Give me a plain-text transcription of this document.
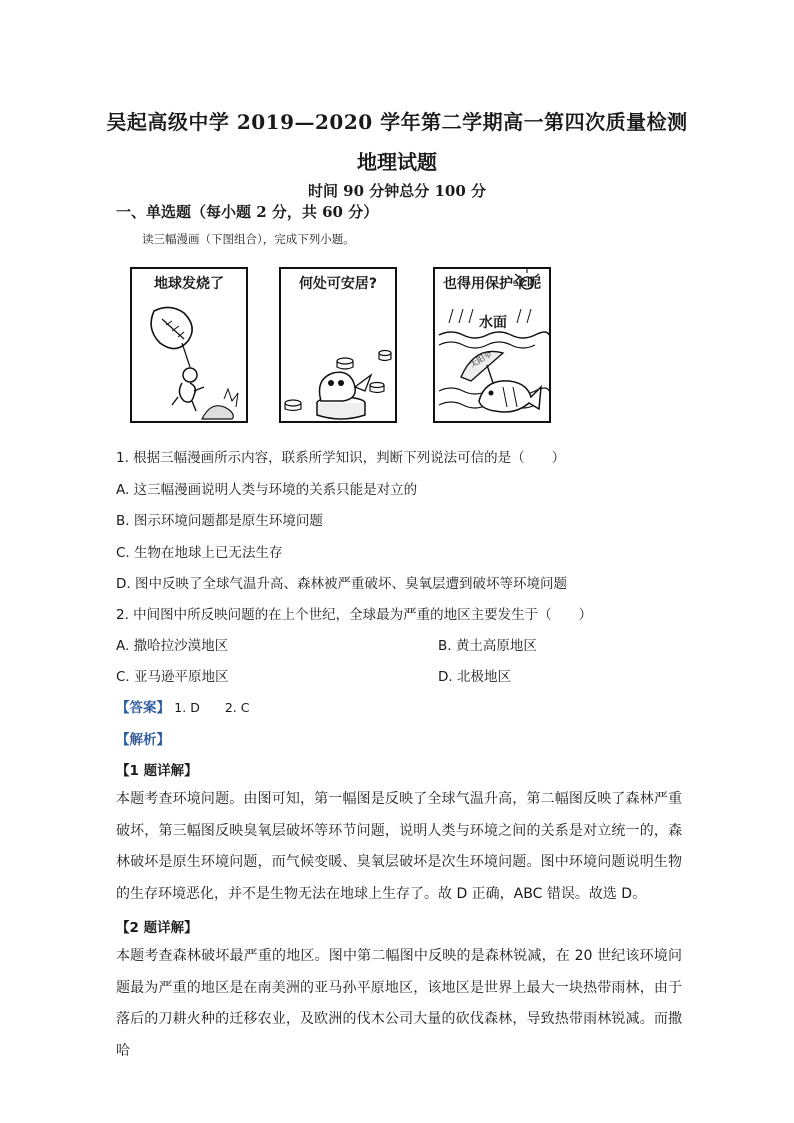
吴起高级中学 2019—2020 学年第二学期高一第四次质量检测
地理试题
时间 90 分钟总分 100 分
一、单选题（每小题 2 分，共 60 分）
读三幅漫画（下图组合），完成下列小题。
地球发烧了	何处可安居?	也得用保护伞呢
水面
太阳伞
1. 根据三幅漫画所示内容，联系所学知识，判断下列说法可信的是（　　）
A. 这三幅漫画说明人类与环境的关系只能是对立的
B. 图示环境问题都是原生环境问题
C. 生物在地球上已无法生存
D. 图中反映了全球气温升高、森林被严重破坏、臭氧层遭到破坏等环境问题
2. 中间图中所反映问题的在上个世纪，全球最为严重的地区主要发生于（　　）
A. 撒哈拉沙漠地区	B. 黄土高原地区
C. 亚马逊平原地区	D. 北极地区
【答案】 1. D　　2. C
【解析】
【1 题详解】
本题考查环境问题。由图可知，第一幅图是反映了全球气温升高，第二幅图反映了森林严重破坏，第三幅图反映臭氧层破坏等环节问题，说明人类与环境之间的关系是对立统一的，森林破坏是原生环境问题，而气候变暖、臭氧层破坏是次生环境问题。图中环境问题说明生物的生存环境恶化，并不是生物无法在地球上生存了。故 D 正确，ABC 错误。故选 D。
【2 题详解】
本题考查森林破坏最严重的地区。图中第二幅图中反映的是森林锐减，在 20 世纪该环境问题最为严重的地区是在南美洲的亚马孙平原地区，该地区是世界上最大一块热带雨林，由于落后的刀耕火种的迁移农业，及欧洲的伐木公司大量的砍伐森林，导致热带雨林锐减。而撒哈
